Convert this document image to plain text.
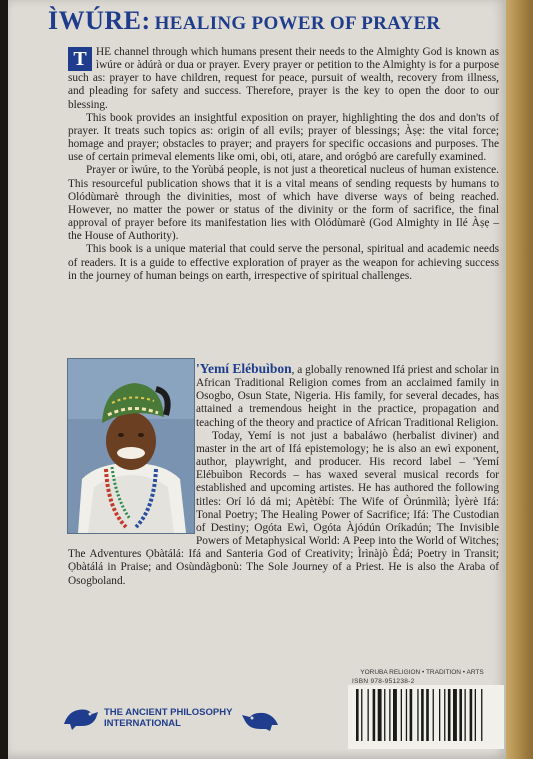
ÌWÚRE: HEALING POWER OF PRAYER

T HE channel through which humans present their needs to the Almighty God is known as ìwúre or àdúrà or dua or prayer. Every prayer or petition to the Almighty is for a purpose such as: prayer to have children, request for peace, pursuit of wealth, recovery from illness, and pleading for safety and success. Therefore, prayer is the key to open the door to our blessing.

This book provides an insightful exposition on prayer, highlighting the dos and don'ts of prayer. It treats such topics as: origin of all evils; prayer of blessings; Àṣẹ: the vital force; homage and prayer; obstacles to prayer; and prayers for specific occasions and purposes. The use of certain primeval elements like omi, obi, oti, atare, and orógbó are carefully examined.

Prayer or ìwúre, to the Yorùbá people, is not just a theoretical nucleus of human existence. This resourceful publication shows that it is a vital means of sending requests by humans to Olódùmarè through the divinities, most of which have diverse ways of being reached. However, no matter the power or status of the divinity or the form of sacrifice, the final approval of prayer before its manifestation lies with Olódùmarè (God Almighty in Ilé Àṣẹ – the House of Authority).

This book is a unique material that could serve the personal, spiritual and academic needs of readers. It is a guide to effective exploration of prayer as the weapon for achieving success in the journey of human beings on earth, irrespective of spiritual challenges.

'Yemí Elébuìbon, a globally renowned Ifá priest and scholar in African Traditional Religion comes from an acclaimed family in Osogbo, Osun State, Nigeria. His family, for several decades, has attained a tremendous height in the practice, propagation and teaching of the theory and practice of African Traditional Religion.

Today, Yemí is not just a babaláwo (herbalist diviner) and master in the art of Ifá epistemology; he is also an ewì exponent, author, playwright, and producer. His record label – 'Yemí Elébuìbon Records – has waxed several musical records for established and upcoming artistes. He has authored the following titles: Orí ló dá mi; Apètèbí: The Wife of Òrúnmìlà; Ìyèrè Ifá: Tonal Poetry; The Healing Power of Sacrifice; Ifá: The Custodian of Destiny; Ogóta Ewì, Ogóta Àjódún Oríkadún; The Invisible Powers of Metaphysical World: A Peep into the World of Witches; The Adventures Ọbàtálá: Ifá and Santeria God of Creativity; Ìrìnàjò Èdá; Poetry in Transit; Ọbàtálá in Praise; and Osùndàgbonù: The Sole Journey of a Priest. He is also the Araba of Osogboland.

YORUBA RELIGION • TRADITION • ARTS
ISBN 978-951238-2
THE ANCIENT PHILOSOPHY
INTERNATIONAL
